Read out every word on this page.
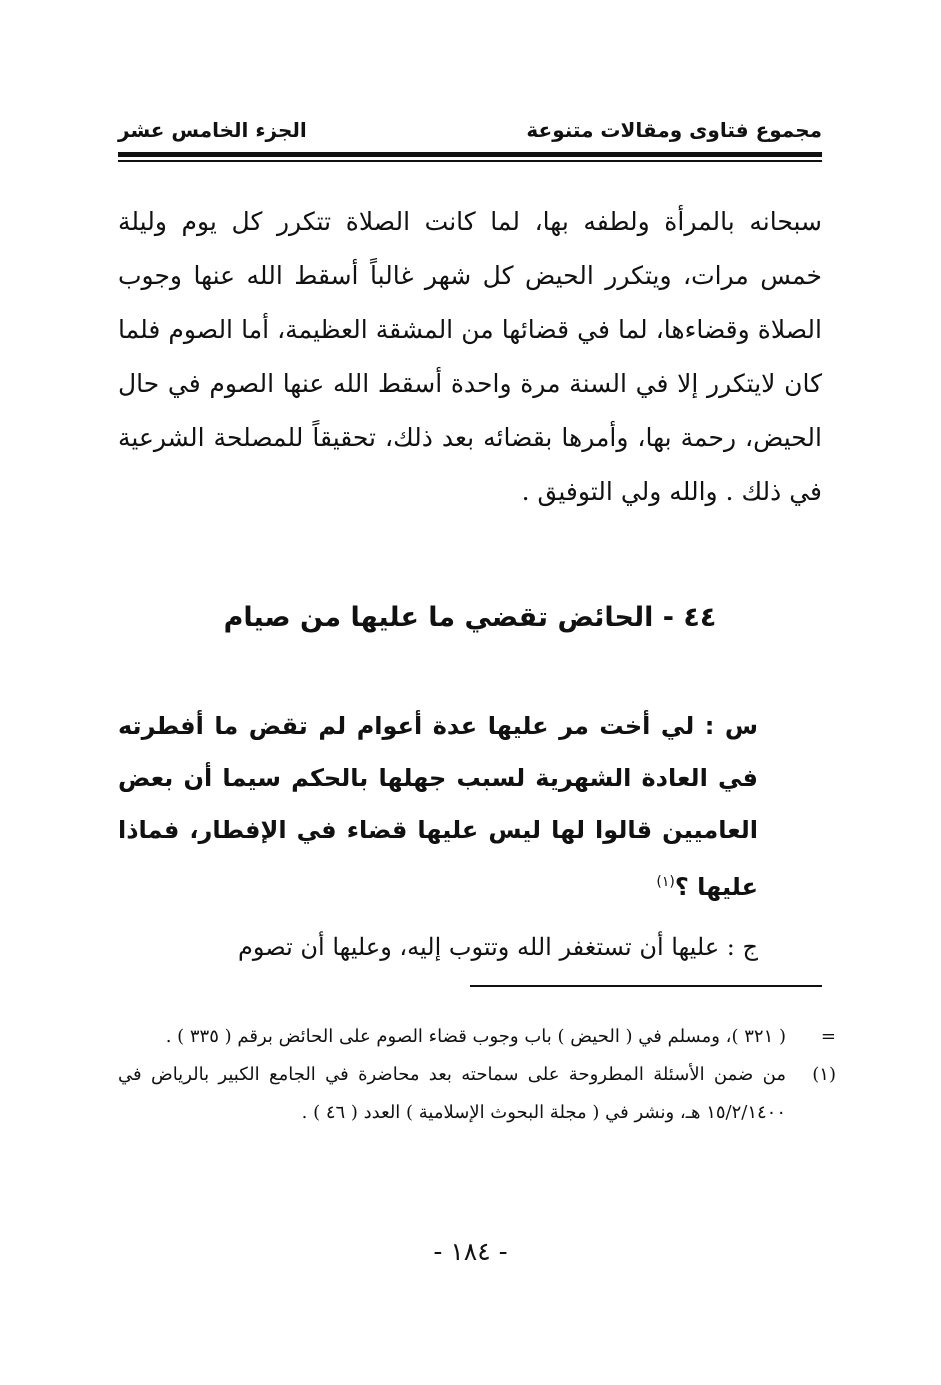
مجموع فتاوى ومقالات متنوعة
الجزء الخامس عشر

سبحانه بالمرأة ولطفه بها، لما كانت الصلاة تتكرر كل يوم وليلة خمس مرات، ويتكرر الحيض كل شهر غالباً أسقط الله عنها وجوب الصلاة وقضاءها، لما في قضائها من المشقة العظيمة، أما الصوم فلما كان لايتكرر إلا في السنة مرة واحدة أسقط الله عنها الصوم في حال الحيض، رحمة بها، وأمرها بقضائه بعد ذلك، تحقيقاً للمصلحة الشرعية في ذلك . والله ولي التوفيق .

٤٤ - الحائض تقضي ما عليها من صيام

س : لي أخت مر عليها عدة أعوام لم تقض ما أفطرته في العادة الشهرية لسبب جهلها بالحكم سيما أن بعض العاميين قالوا لها ليس عليها قضاء في الإفطار، فماذا عليها ؟$^{(١)}$

ج : عليها أن تستغفر الله وتتوب إليه، وعليها أن تصوم

=
( ٣٢١ )، ومسلم في ( الحيض ) باب وجوب قضاء الصوم على الحائض برقم ( ٣٣٥ ) .
(١)
من ضمن الأسئلة المطروحة على سماحته بعد محاضرة في الجامع الكبير بالرياض في ١٥/٢/١٤٠٠ هـ، ونشر في ( مجلة البحوث الإسلامية ) العدد ( ٤٦ ) .
- ١٨٤ -
